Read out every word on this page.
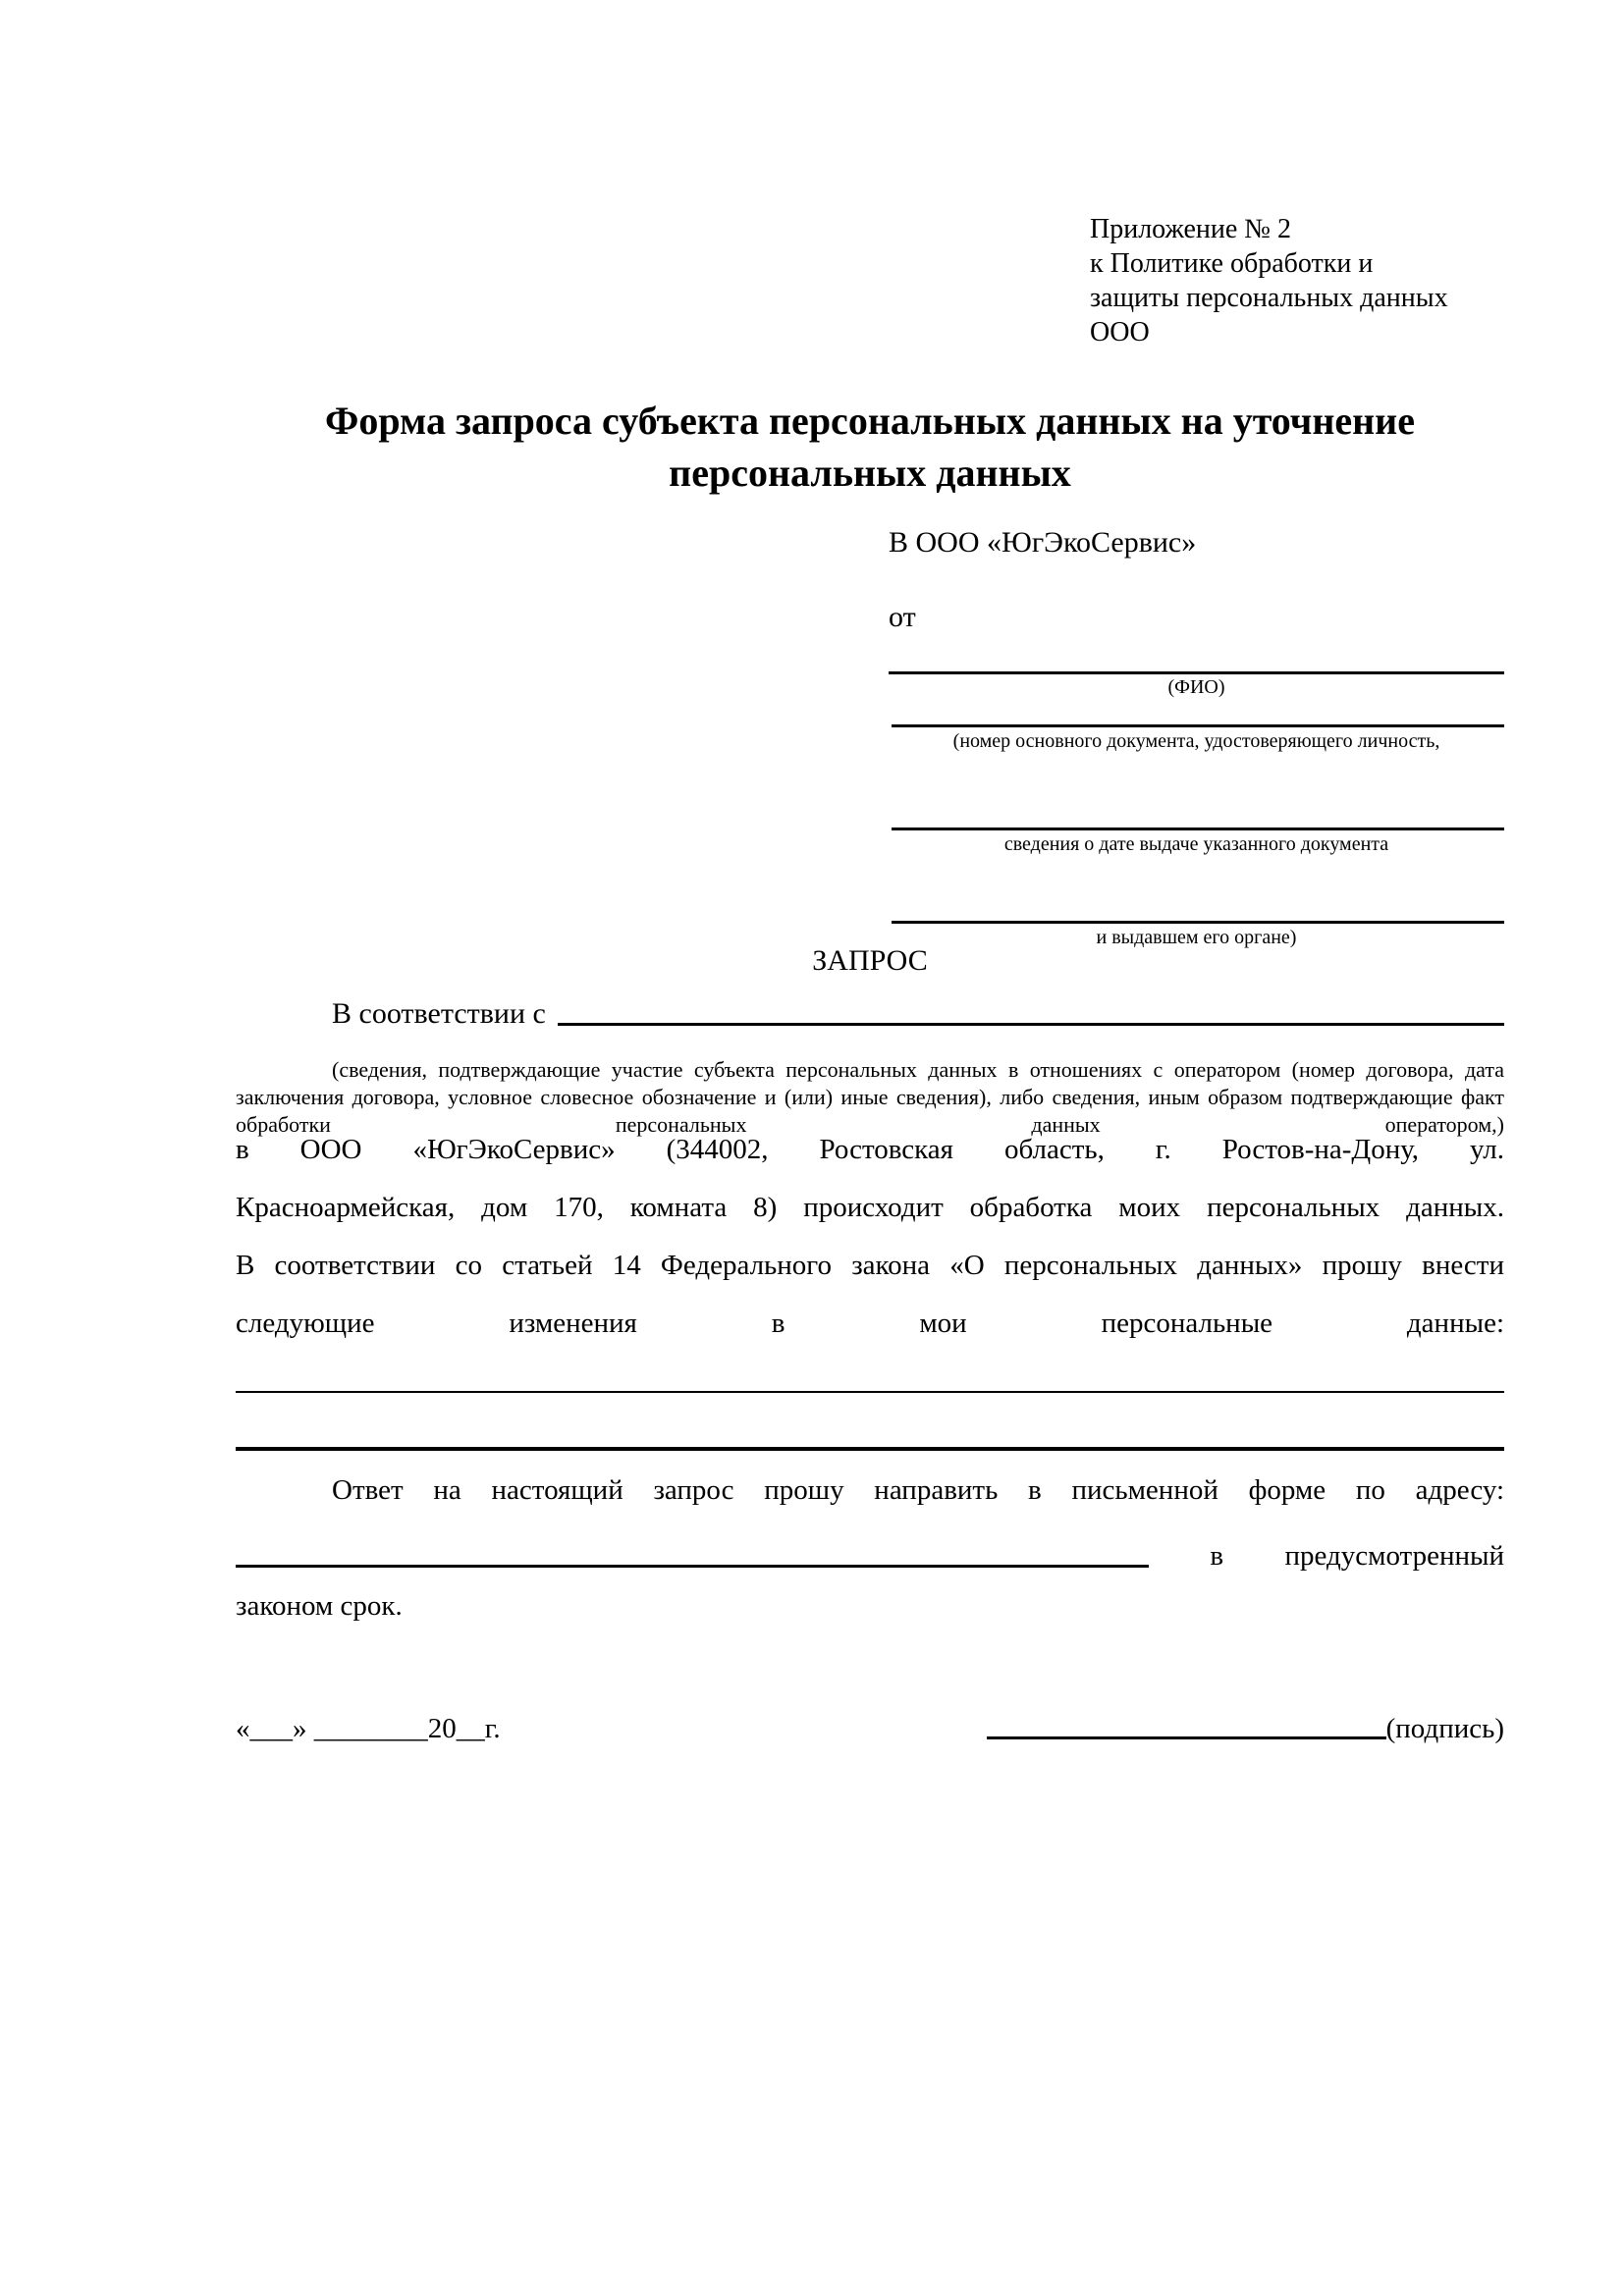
Приложение № 2
к Политике обработки и
защиты персональных данных
ООО
Форма запроса субъекта персональных данных на уточнение персональных данных
В ООО «ЮгЭкоСервис»
от
(ФИО)
(номер основного документа, удостоверяющего личность,
сведения о дате выдаче указанного документа
и выдавшем его органе)
ЗАПРОС
В соответствии с
(сведения, подтверждающие участие субъекта персональных данных в отношениях с оператором (номер договора, дата
заключения договора, условное словесное обозначение и (или) иные сведения), либо сведения, иным образом подтверждающие факт
обработки персональных данных оператором,)
в ООО «ЮгЭкоСервис» (344002, Ростовская область, г. Ростов-на-Дону, ул.
Красноармейская, дом 170, комната 8) происходит обработка моих персональных данных.
В соответствии со статьей 14 Федерального закона «О персональных данных» прошу внести
следующие изменения в мои персональные данные:
Ответ на настоящий запрос прошу направить в письменной форме по адресу:
в предусмотренный
законом срок.
«___» ________20__г.	(подпись)
